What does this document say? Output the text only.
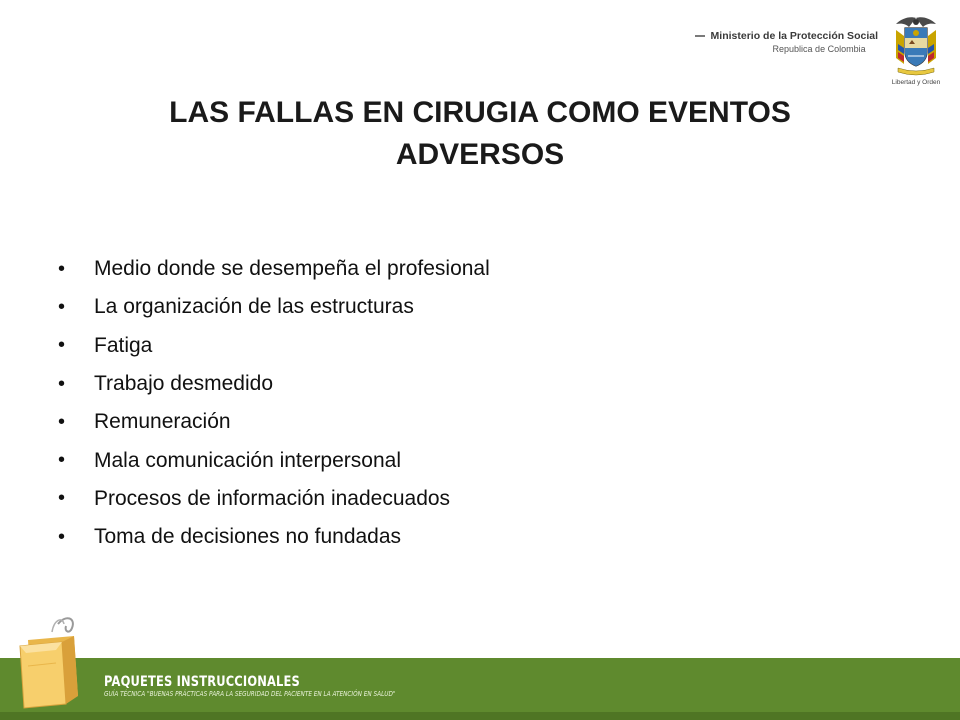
Ministerio de la Protección Social
Republica de Colombia
Libertad y Orden
LAS FALLAS EN CIRUGIA COMO EVENTOS
ADVERSOS
•	Medio donde se desempeña el profesional
•	La organización de las estructuras
•	Fatiga
•	Trabajo desmedido
•	Remuneración
•	Mala comunicación interpersonal
•	Procesos de información inadecuados
•	Toma de decisiones no fundadas
PAQUETES INSTRUCCIONALES
GUÍA TÉCNICA "BUENAS PRÁCTICAS PARA LA SEGURIDAD DEL PACIENTE EN LA ATENCIÓN EN SALUD"
